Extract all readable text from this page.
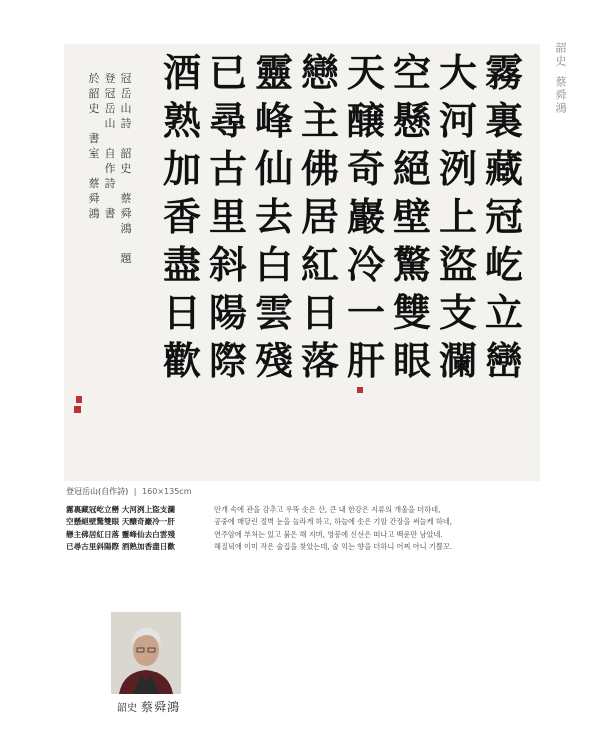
韶史蔡舜鴻
霧裏藏冠屹立巒
大河洌上盜支瀾
空懸絕壁驚雙眼
天醸奇巖冷一肝
戀主佛居紅日落
靈峰仙去白雲殘
已尋古里斜陽際
酒熟加香盡日歡
冠岳山詩 韶史 蔡舜鴻 題
登冠岳山 自作詩 書
於韶史 書室 蔡舜鴻
登冠岳山(自作詩) | 160×135cm
霧裏藏冠屹立巒 大河洌上盜支瀾
空懸絕壁驚雙眼 天醸奇巖冷一肝
戀主佛居紅日落 靈峰仙去白雲殘
已尋古里斜陽際 酒熟加香盡日歡
안개 속에 관을 감추고 우뚝 솟은 산, 큰 내 한강은 지류의 개울을 더하네,
공중에 매달린 절벽 눈을 놀라게 하고, 하늘에 솟은 기암 간장을 써늘케 하네,
연주암에 부처는 있고 붉은 해 지며, 영봉에 신선은 떠나고 백운만 남았네.
해질녘에 이미 작은 술집을 찾았는데, 술 익는 향을 더하니 어찌 아니 기쁠꼬.
韶史 蔡舜鴻
